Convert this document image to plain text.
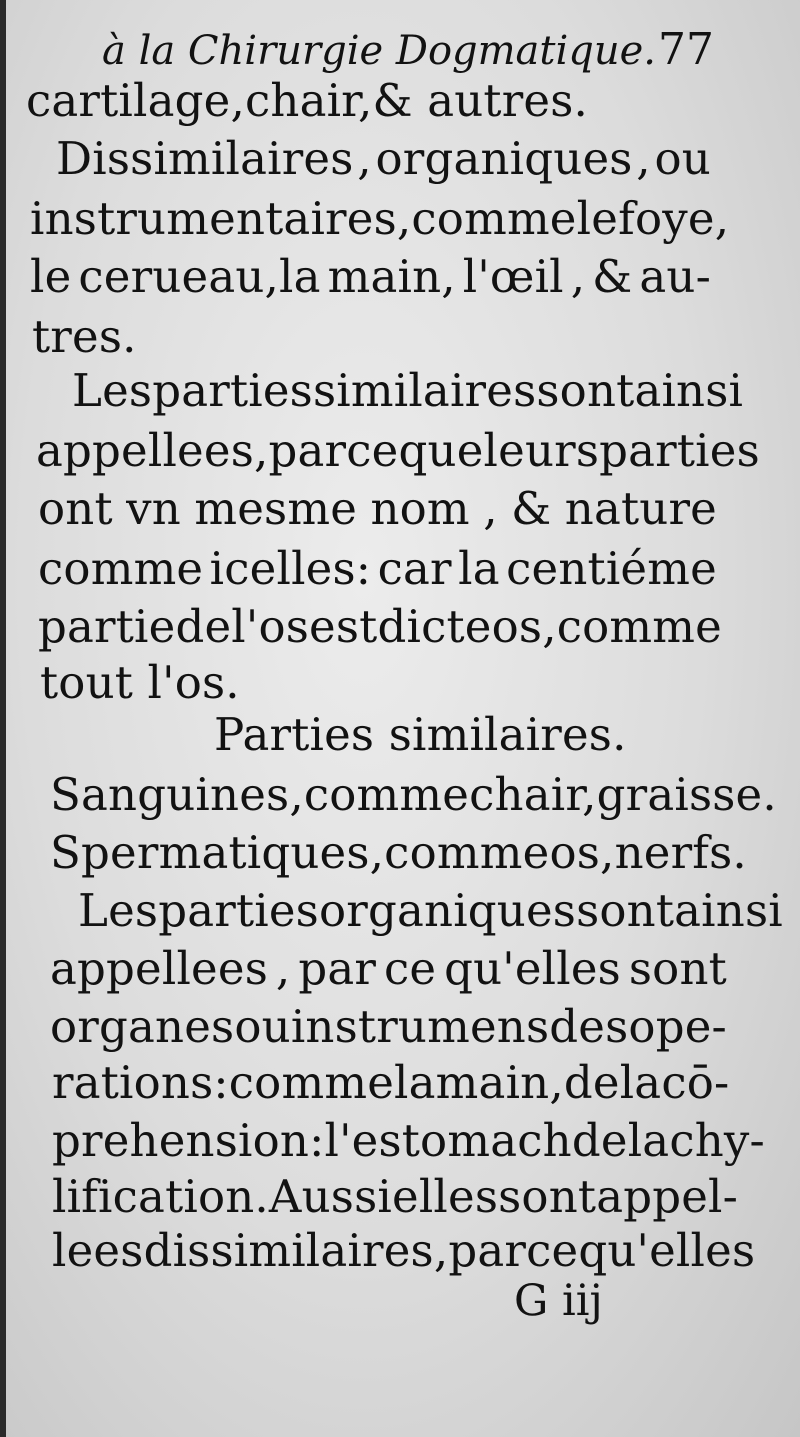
à la Chirurgie Dogmatique. 77
cartilage,chair,& autres.
Dissimilaires , organiques , ou
instrumentaires, comme le foye,
le cerueau,la main, l'œil , & au-
tres.
Les parties similaires sont ainsi
appellees, par ce que leurs parties
ont vn mesme nom , & nature
comme icelles: car la centiéme
partie de l'os est dicte os , comme
tout l'os.
Parties similaires.
Sanguines, comme chair,graisse.
Spermatiques, comme os , nerfs.
Les parties organiques sont ainsi
appellees , par ce qu'elles sont
organes ou instrumens des ope-
rations : comme la main,de la cō-
prehension : l'estomach de la chy-
lification. Aussi elles sont appel-
lees dissimilaires, par ce qu'elles
G iij
